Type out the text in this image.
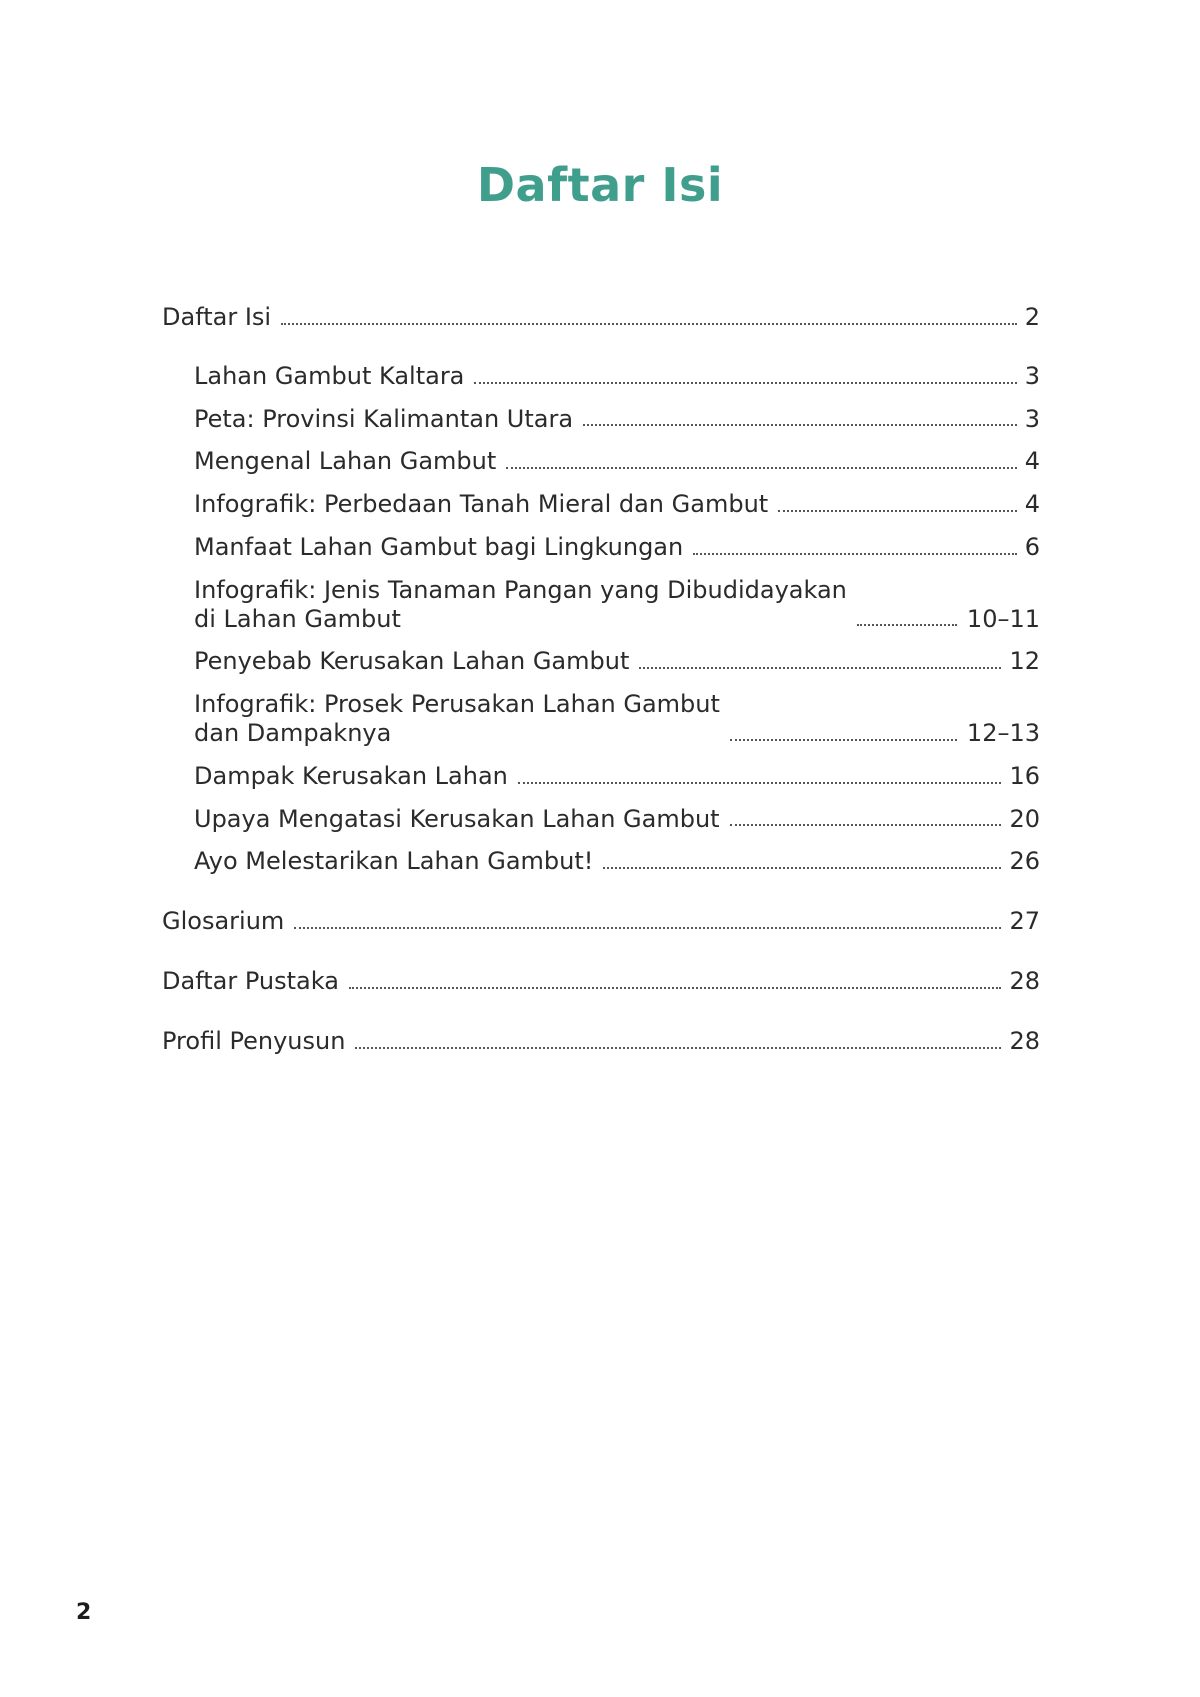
Daftar Isi
Daftar Isi	2
Lahan Gambut Kaltara	3
Peta: Provinsi Kalimantan Utara	3
Mengenal Lahan Gambut	4
Infografik: Perbedaan Tanah Mieral dan Gambut	4
Manfaat Lahan Gambut bagi Lingkungan	6
Infografik: Jenis Tanaman Pangan yang Dibudidayakan
di Lahan Gambut	10–11
Penyebab Kerusakan Lahan Gambut	12
Infografik: Prosek Perusakan Lahan Gambut
dan Dampaknya	12–13
Dampak Kerusakan Lahan	16
Upaya Mengatasi Kerusakan Lahan Gambut	20
Ayo Melestarikan Lahan Gambut!	26
Glosarium	27
Daftar Pustaka	28
Profil Penyusun	28
2
